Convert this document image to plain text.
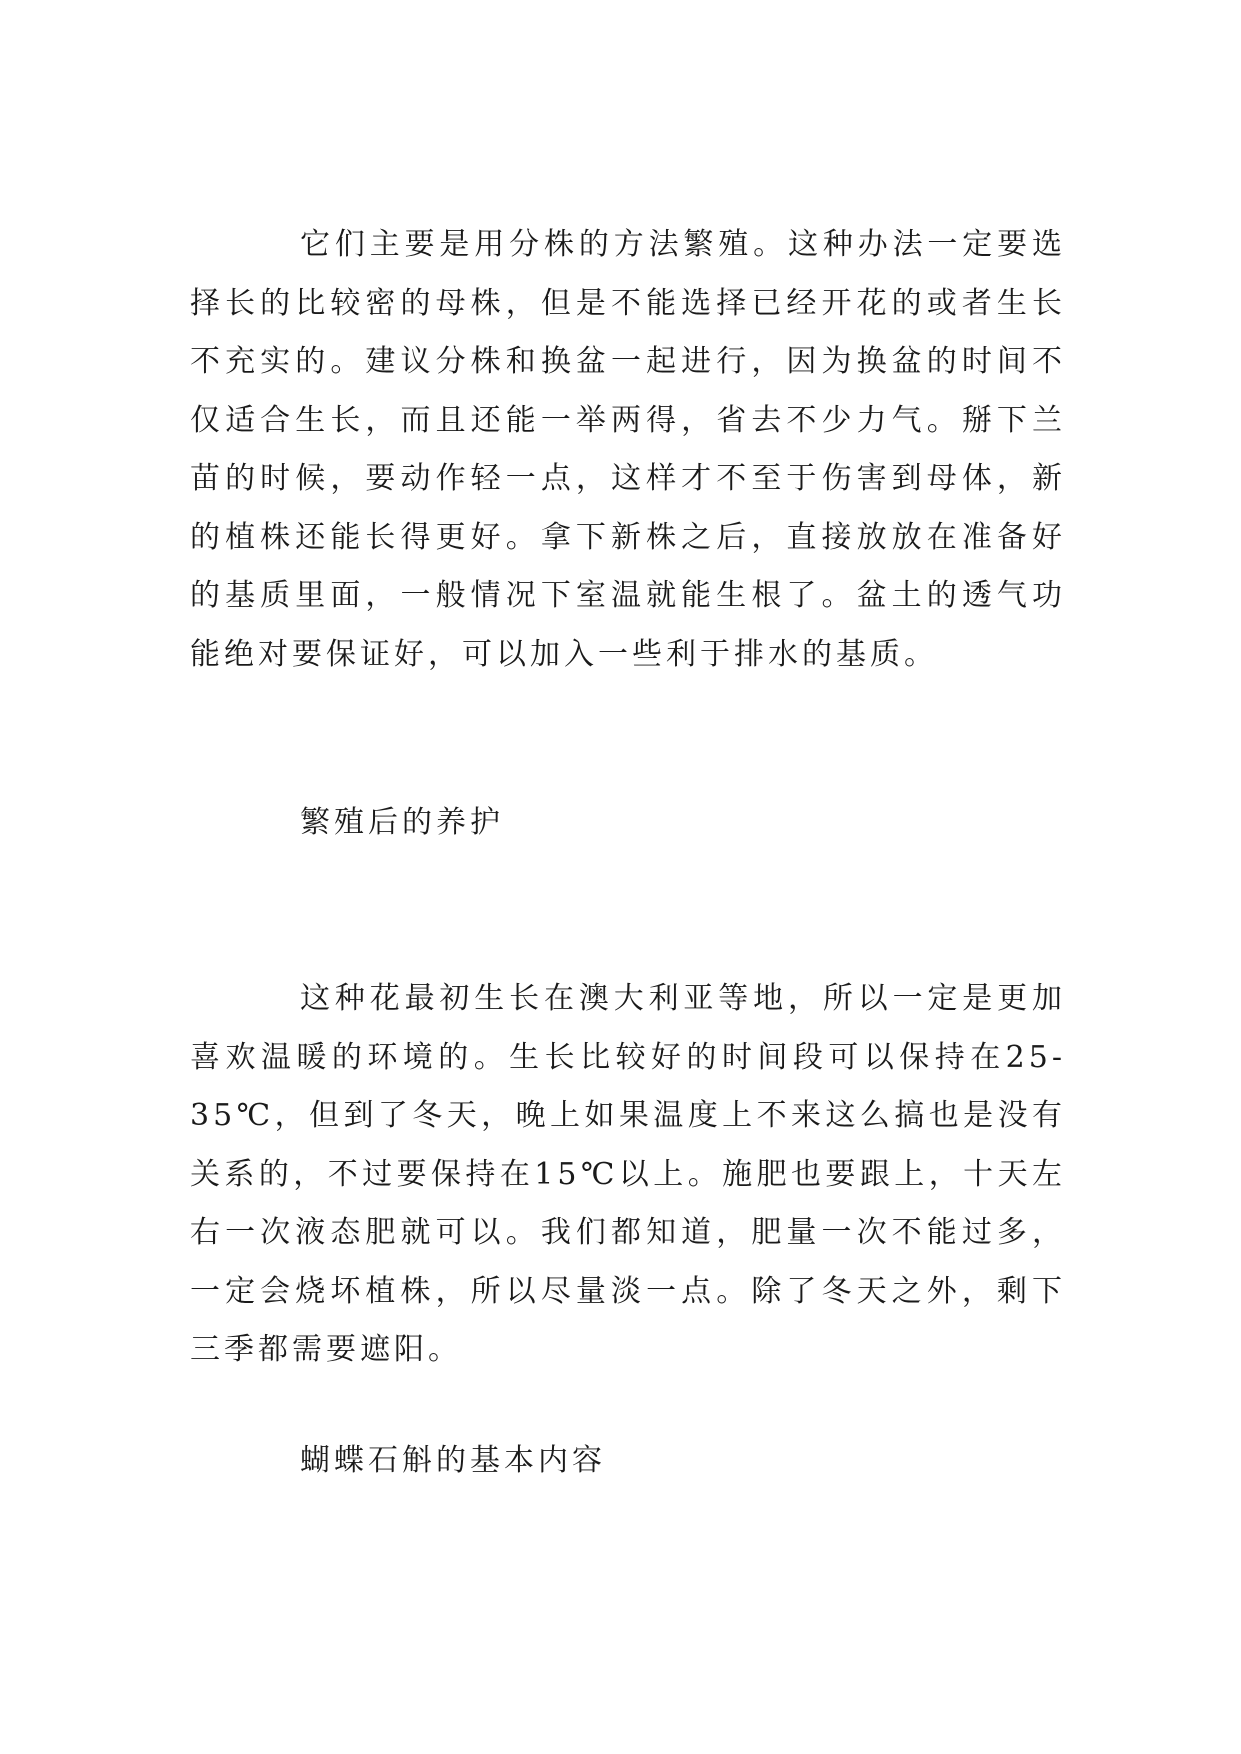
它们主要是用分株的方法繁殖。这种办法一定要选择长的比较密的母株，但是不能选择已经开花的或者生长不充实的。建议分株和换盆一起进行，因为换盆的时间不仅适合生长，而且还能一举两得，省去不少力气。掰下兰苗的时候，要动作轻一点，这样才不至于伤害到母体，新的植株还能长得更好。拿下新株之后，直接放放在准备好的基质里面，一般情况下室温就能生根了。盆土的透气功能绝对要保证好，可以加入一些利于排水的基质。

繁殖后的养护

这种花最初生长在澳大利亚等地，所以一定是更加喜欢温暖的环境的。生长比较好的时间段可以保持在25-35℃，但到了冬天，晚上如果温度上不来这么搞也是没有关系的，不过要保持在15℃以上。施肥也要跟上，十天左右一次液态肥就可以。我们都知道，肥量一次不能过多，一定会烧坏植株，所以尽量淡一点。除了冬天之外，剩下三季都需要遮阳。

蝴蝶石斛的基本内容
